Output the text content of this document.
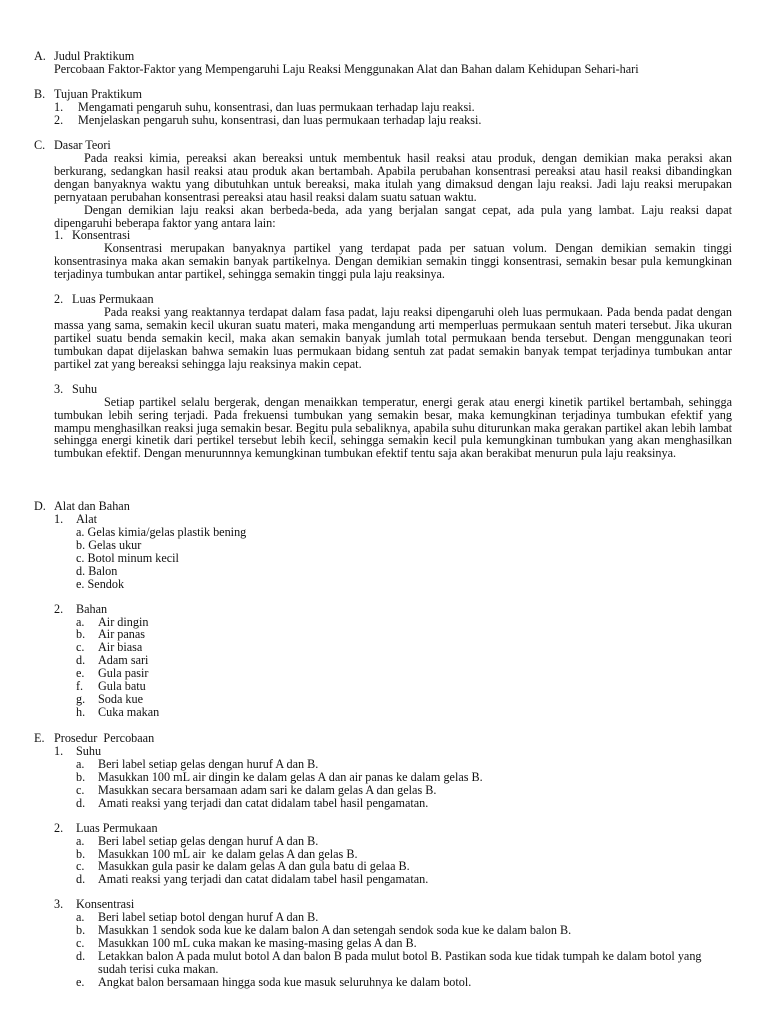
A. Judul Praktikum

Percobaan Faktor-Faktor yang Mempengaruhi Laju Reaksi Menggunakan Alat dan Bahan dalam Kehidupan Sehari-hari

B. Tujuan Praktikum
1. Mengamati pengaruh suhu, konsentrasi, dan luas permukaan terhadap laju reaksi.
2. Menjelaskan pengaruh suhu, konsentrasi, dan luas permukaan terhadap laju reaksi.
C. Dasar Teori

Pada reaksi kimia, pereaksi akan bereaksi untuk membentuk hasil reaksi atau produk, dengan demikian maka peraksi akan berkurang, sedangkan hasil reaksi atau produk akan bertambah. Apabila perubahan konsentrasi pereaksi atau hasil reaksi dibandingkan dengan banyaknya waktu yang dibutuhkan untuk bereaksi, maka itulah yang dimaksud dengan laju reaksi. Jadi laju reaksi merupakan pernyataan perubahan konsentrasi pereaksi atau hasil reaksi dalam suatu satuan waktu.

Dengan demikian laju reaksi akan berbeda-beda, ada yang berjalan sangat cepat, ada pula yang lambat. Laju reaksi dapat dipengaruhi beberapa faktor yang antara lain:

1. Konsentrasi

Konsentrasi merupakan banyaknya partikel yang terdapat pada per satuan volum. Dengan demikian semakin tinggi konsentrasinya maka akan semakin banyak partikelnya. Dengan demikian semakin tinggi konsentrasi, semakin besar pula kemungkinan terjadinya tumbukan antar partikel, sehingga semakin tinggi pula laju reaksinya.

2. Luas Permukaan

Pada reaksi yang reaktannya terdapat dalam fasa padat, laju reaksi dipengaruhi oleh luas permukaan. Pada benda padat dengan massa yang sama, semakin kecil ukuran suatu materi, maka mengandung arti memperluas permukaan sentuh materi tersebut. Jika ukuran partikel suatu benda semakin kecil, maka akan semakin banyak jumlah total permukaan benda tersebut. Dengan menggunakan teori tumbukan dapat dijelaskan bahwa semakin luas permukaan bidang sentuh zat padat semakin banyak tempat terjadinya tumbukan antar partikel zat yang bereaksi sehingga laju reaksinya makin cepat.

3. Suhu

Setiap partikel selalu bergerak, dengan menaikkan temperatur, energi gerak atau energi kinetik partikel bertambah, sehingga tumbukan lebih sering terjadi. Pada frekuensi tumbukan yang semakin besar, maka kemungkinan terjadinya tumbukan efektif yang mampu menghasilkan reaksi juga semakin besar. Begitu pula sebaliknya, apabila suhu diturunkan maka gerakan partikel akan lebih lambat sehingga energi kinetik dari pertikel tersebut lebih kecil, sehingga semakin kecil pula kemungkinan tumbukan yang akan menghasilkan tumbukan efektif. Dengan menurunnnya kemungkinan tumbukan efektif tentu saja akan berakibat menurun pula laju reaksinya.

D. Alat dan Bahan
1. Alat
a. Gelas kimia/gelas plastik bening
b. Gelas ukur
c. Botol minum kecil
d. Balon
e. Sendok
2. Bahan
a. Air dingin
b. Air panas
c. Air biasa
d. Adam sari
e. Gula pasir
f. Gula batu
g. Soda kue
h. Cuka makan
E. Prosedur  Percobaan
1. Suhu
a. Beri label setiap gelas dengan huruf A dan B.
b. Masukkan 100 mL air dingin ke dalam gelas A dan air panas ke dalam gelas B.
c. Masukkan secara bersamaan adam sari ke dalam gelas A dan gelas B.
d. Amati reaksi yang terjadi dan catat didalam tabel hasil pengamatan.
2. Luas Permukaan
a. Beri label setiap gelas dengan huruf A dan B.
b. Masukkan 100 mL air  ke dalam gelas A dan gelas B.
c. Masukkan gula pasir ke dalam gelas A dan gula batu di gelaa B.
d. Amati reaksi yang terjadi dan catat didalam tabel hasil pengamatan.
3. Konsentrasi
a. Beri label setiap botol dengan huruf A dan B.
b. Masukkan 1 sendok soda kue ke dalam balon A dan setengah sendok soda kue ke dalam balon B.
c. Masukkan 100 mL cuka makan ke masing-masing gelas A dan B.
d. Letakkan balon A pada mulut botol A dan balon B pada mulut botol B. Pastikan soda kue tidak tumpah ke dalam botol yang sudah terisi cuka makan.
e. Angkat balon bersamaan hingga soda kue masuk seluruhnya ke dalam botol.
